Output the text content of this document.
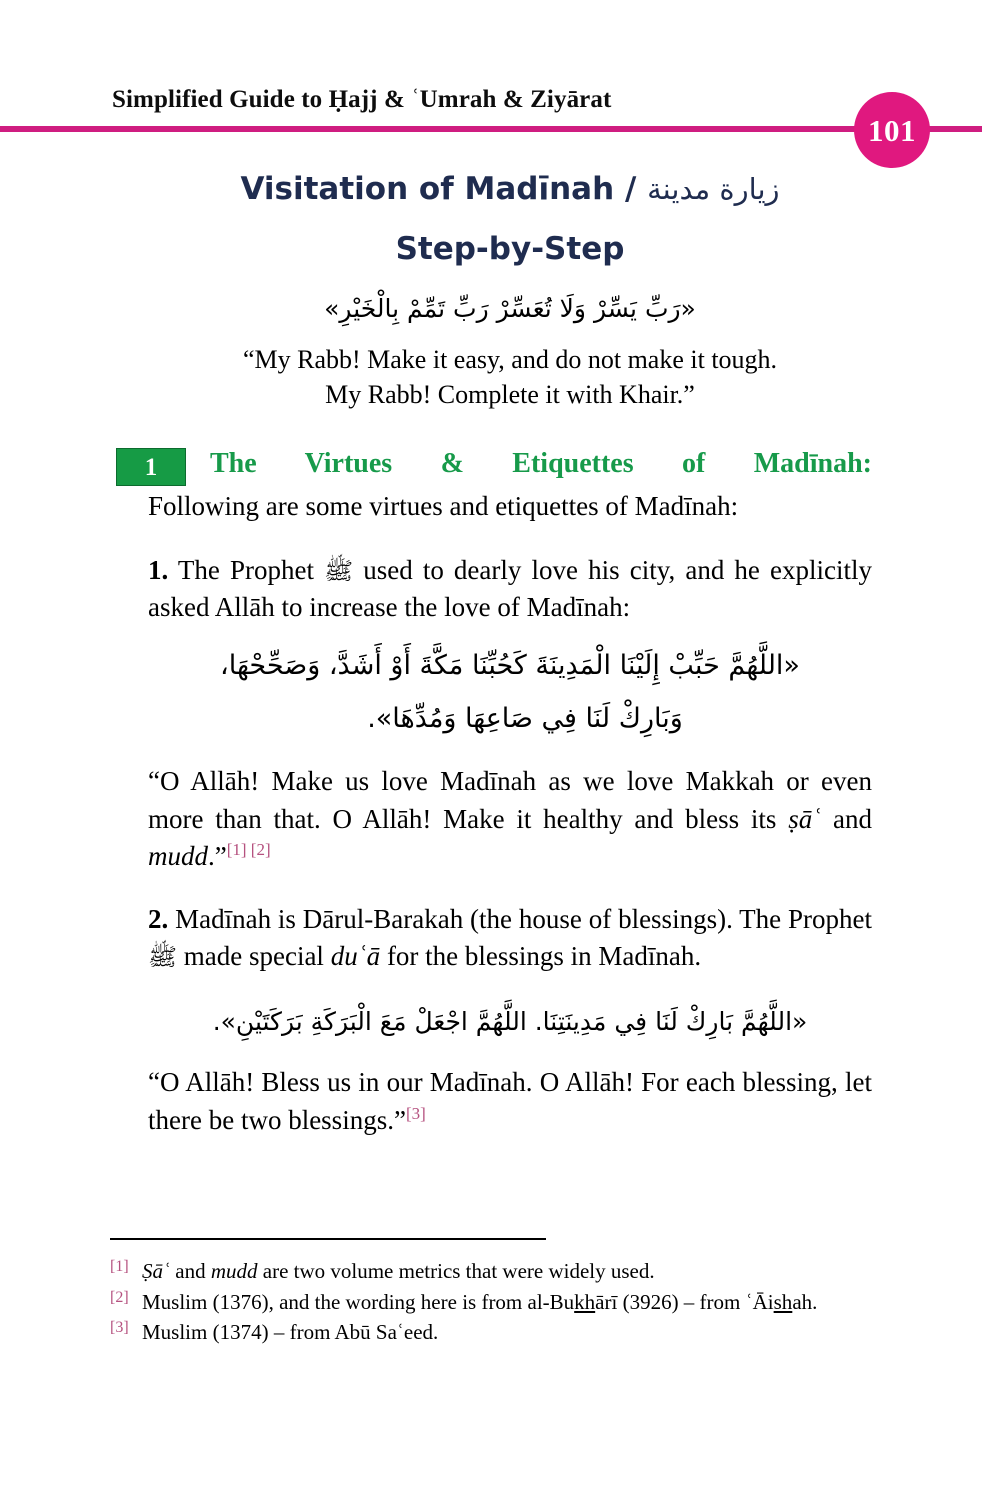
Simplified Guide to Ḥajj & ʿUmrah & Ziyārat
101
Visitation of Madīnah / زيارة مدينة
Step-by-Step
«رَبِّ يَسِّرْ وَلَا تُعَسِّرْ رَبِّ تَمِّمْ بِالْخَيْرِ»
“My Rabb! Make it easy, and do not make it tough.
My Rabb! Complete it with Khair.”
1 The Virtues & Etiquettes of Madīnah:
Following are some virtues and etiquettes of Madīnah:

1. The Prophet ﷺ used to dearly love his city, and he explicitly asked Allāh to increase the love of Madīnah:

«اللَّهُمَّ حَبِّبْ إِلَيْنَا الْمَدِينَةَ كَحُبِّنَا مَكَّةَ أَوْ أَشَدَّ، وَصَحِّحْهَا،
وَبَارِكْ لَنَا فِي صَاعِهَا وَمُدِّهَا».

“O Allāh! Make us love Madīnah as we love Makkah or even more than that. O Allāh! Make it healthy and bless its ṣāʿ and mudd.”[1] [2]

2. Madīnah is Dārul-Barakah (the house of blessings). The Prophet ﷺ made special duʿā for the blessings in Madīnah.

«اللَّهُمَّ بَارِكْ لَنَا فِي مَدِينَتِنَا. اللَّهُمَّ اجْعَلْ مَعَ الْبَرَكَةِ بَرَكَتَيْنِ».

“O Allāh! Bless us in our Madīnah. O Allāh! For each blessing, let there be two blessings.”[3]

[1] Ṣāʿ and mudd are two volume metrics that were widely used.
[2] Muslim (1376), and the wording here is from al-Bukhārī (3926) – from ʿĀishah.
[3] Muslim (1374) – from Abū Saʿeed.
